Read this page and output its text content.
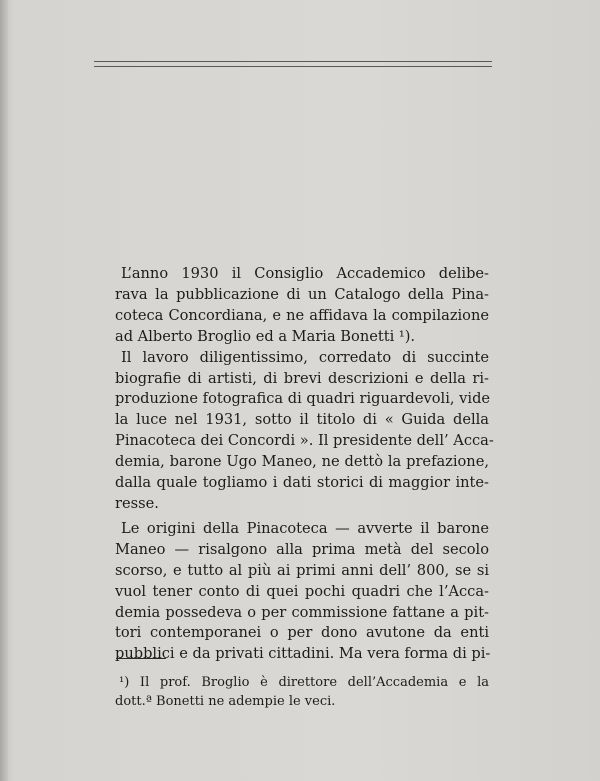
L’anno 1930 il Consiglio Accademico delibe-
rava la pubblicazione di un Catalogo della Pina-
coteca Concordiana, e ne affidava la compilazione
ad Alberto Broglio ed a Maria Bonetti ¹).
Il lavoro diligentissimo, corredato di succinte
biografie di artisti, di brevi descrizioni e della ri-
produzione fotografica di quadri riguardevoli, vide
la luce nel 1931, sotto il titolo di « Guida della
Pinacoteca dei Concordi ». Il presidente dell’ Acca-
demia, barone Ugo Maneo, ne dettò la prefazione,
dalla quale togliamo i dati storici di maggior inte-
resse.
Le origini della Pinacoteca — avverte il barone
Maneo — risalgono alla prima metà del secolo
scorso, e tutto al più ai primi anni dell’ 800, se si
vuol tener conto di quei pochi quadri che l’Acca-
demia possedeva o per commissione fattane a pit-
tori contemporanei o per dono avutone da enti
pubblici e da privati cittadini. Ma vera forma di pi-
¹) Il prof. Broglio è direttore dell’Accademia e la
dott.ª Bonetti ne adempie le veci.
